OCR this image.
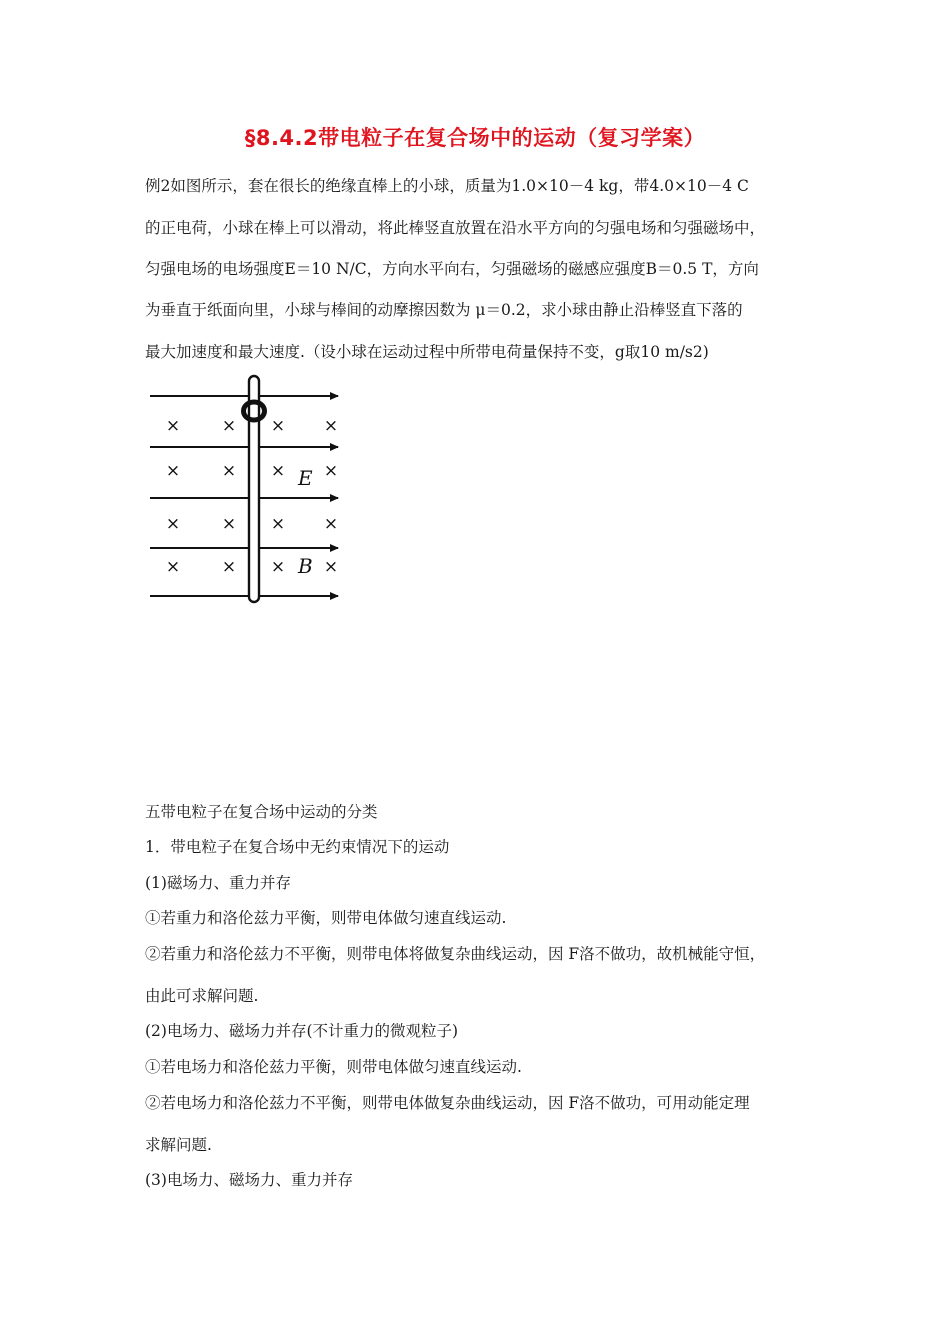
§8.4.2带电粒子在复合场中的运动（复习学案）
例2如图所示，套在很长的绝缘直棒上的小球，质量为1.0×10－4 kg，带4.0×10－4 C
的正电荷，小球在棒上可以滑动，将此棒竖直放置在沿水平方向的匀强电场和匀强磁场中，
匀强电场的电场强度E＝10 N/C，方向水平向右，匀强磁场的磁感应强度B＝0.5 T，方向
为垂直于纸面向里，小球与棒间的动摩擦因数为 μ＝0.2，求小球由静止沿棒竖直下落的
最大加速度和最大速度.（设小球在运动过程中所带电荷量保持不变，g取10 m/s2)
× × × ×
× × × ×
× × × ×
× × × ×
E
B
五带电粒子在复合场中运动的分类
1．带电粒子在复合场中无约束情况下的运动
(1)磁场力、重力并存
①若重力和洛伦兹力平衡，则带电体做匀速直线运动.
②若重力和洛伦兹力不平衡，则带电体将做复杂曲线运动，因 F洛不做功，故机械能守恒，
由此可求解问题.
(2)电场力、磁场力并存(不计重力的微观粒子)
①若电场力和洛伦兹力平衡，则带电体做匀速直线运动.
②若电场力和洛伦兹力不平衡，则带电体做复杂曲线运动，因 F洛不做功，可用动能定理
求解问题.
(3)电场力、磁场力、重力并存
